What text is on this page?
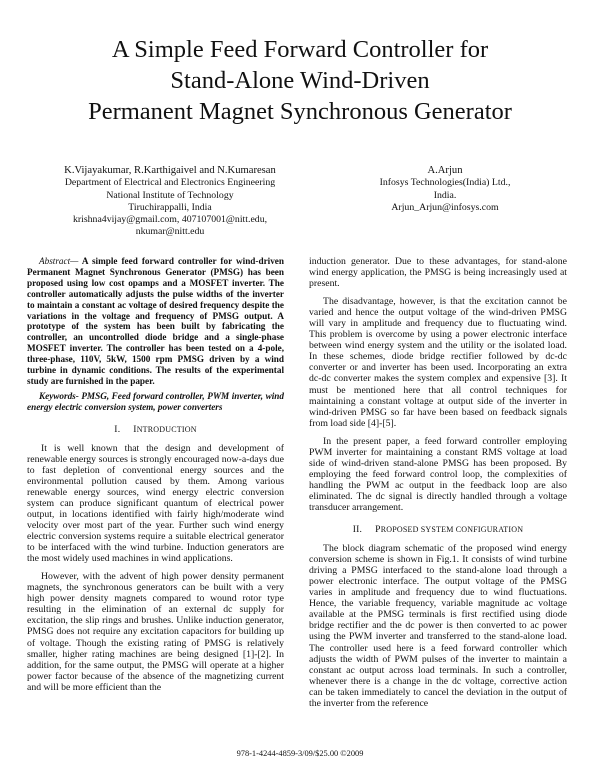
A Simple Feed Forward Controller for
Stand-Alone Wind-Driven
Permanent Magnet Synchronous Generator
K.Vijayakumar, R.Karthigaivel and N.Kumaresan
Department of Electrical and Electronics Engineering
National Institute of Technology
Tiruchirappalli, India
krishna4vijay@gmail.com, 407107001@nitt.edu,
nkumar@nitt.edu
A.Arjun
Infosys Technologies(India) Ltd.,
India.
Arjun_Arjun@infosys.com
Abstract— A simple feed forward controller for wind-driven Permanent Magnet Synchronous Generator (PMSG) has been proposed using low cost opamps and a MOSFET inverter. The controller automatically adjusts the pulse widths of the inverter to maintain a constant ac voltage of desired frequency despite the variations in the voltage and frequency of PMSG output. A prototype of the system has been built by fabricating the controller, an uncontrolled diode bridge and a single-phase MOSFET inverter. The controller has been tested on a 4-pole, three-phase, 110V, 5kW, 1500 rpm PMSG driven by a wind turbine in dynamic conditions. The results of the experimental study are furnished in the paper.
Keywords- PMSG, Feed forward controller, PWM inverter, wind energy electric conversion system, power converters
I. INTRODUCTION

It is well known that the design and development of renewable energy sources is strongly encouraged now-a-days due to fast depletion of conventional energy sources and the environmental pollution caused by them. Among various renewable energy sources, wind energy electric conversion system can produce significant quantum of electrical power output, in locations identified with fairly high/moderate wind velocity over most part of the year. Further such wind energy electric conversion systems require a suitable electrical generator to be interfaced with the wind turbine. Induction generators are the most widely used machines in wind applications.

However, with the advent of high power density permanent magnets, the synchronous generators can be built with a very high power density magnets compared to wound rotor type resulting in the elimination of an external dc supply for excitation, the slip rings and brushes. Unlike induction generator, PMSG does not require any excitation capacitors for building up of voltage. Though the existing rating of PMSG is relatively smaller, higher rating machines are being designed [1]-[2]. In addition, for the same output, the PMSG will operate at a higher power factor because of the absence of the magnetizing current and will be more efficient than the

induction generator. Due to these advantages, for stand-alone wind energy application, the PMSG is being increasingly used at present.

The disadvantage, however, is that the excitation cannot be varied and hence the output voltage of the wind-driven PMSG will vary in amplitude and frequency due to fluctuating wind. This problem is overcome by using a power electronic interface between wind energy system and the utility or the isolated load. In these schemes, diode bridge rectifier followed by dc-dc converter or and inverter has been used. Incorporating an extra dc-dc converter makes the system complex and expensive [3]. It must be mentioned here that all control techniques for maintaining a constant voltage at output side of the inverter in wind-driven PMSG so far have been based on feedback signals from load side [4]-[5].

In the present paper, a feed forward controller employing PWM inverter for maintaining a constant RMS voltage at load side of wind-driven stand-alone PMSG has been proposed. By employing the feed forward control loop, the complexities of handling the PWM ac output in the feedback loop are also eliminated. The dc signal is directly handled through a voltage transducer arrangement.

II. PROPOSED SYSTEM CONFIGURATION

The block diagram schematic of the proposed wind energy conversion scheme is shown in Fig.1. It consists of wind turbine driving a PMSG interfaced to the stand-alone load through a power electronic interface. The output voltage of the PMSG varies in amplitude and frequency due to wind fluctuations. Hence, the variable frequency, variable magnitude ac voltage available at the PMSG terminals is first rectified using diode bridge rectifier and the dc power is then converted to ac power using the PWM inverter and transferred to the stand-alone load. The controller used here is a feed forward controller which adjusts the width of PWM pulses of the inverter to maintain a constant ac output across load terminals. In such a controller, whenever there is a change in the dc voltage, corrective action can be taken immediately to cancel the deviation in the output of the inverter from the reference

978-1-4244-4859-3/09/$25.00 ©2009
